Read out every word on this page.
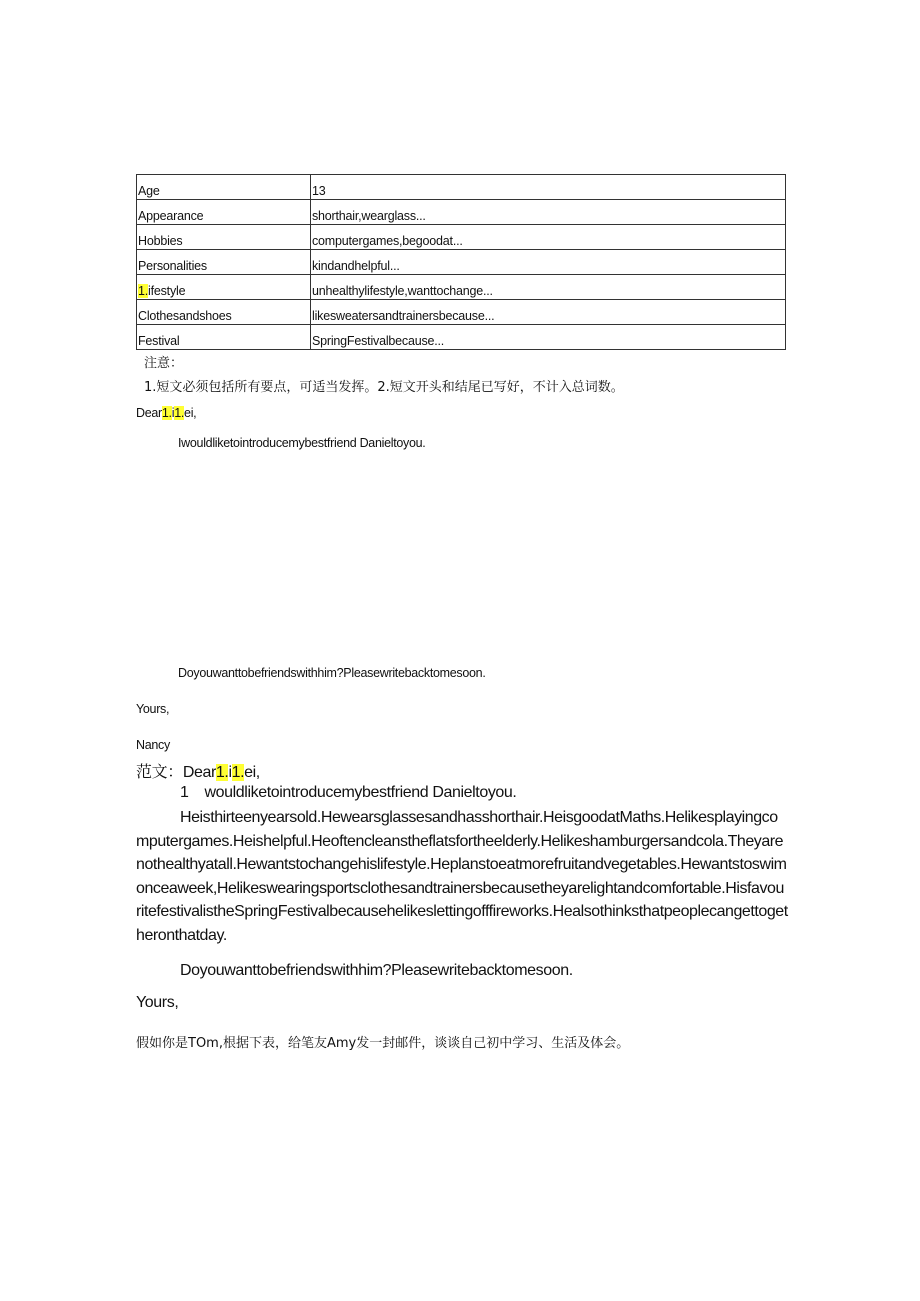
Age	13
Appearance	shorthair,wearglass...
Hobbies	computergames,begoodat...
Personalities	kindandhelpful...
1.ifestyle	unhealthylifestyle,wanttochange...
Clothesandshoes	likesweatersandtrainersbecause...
Festival	SpringFestivalbecause...
注意：
1.短文必须包括所有要点，可适当发挥。2.短文开头和结尾已写好，不计入总词数。
Dear1.i1.ei,
Iwouldliketointroducemybestfriend Danieltoyou.
Doyouwanttobefriendswithhim?Pleasewritebacktomesoon.
Yours,
Nancy
范文：Dear1.i1.ei,
1 wouldliketointroducemybestfriend Danieltoyou.
Heisthirteenyearsold.Hewearsglassesandhasshorthair.HeisgoodatMaths.Helikesplayingcomputergames.Heishelpful.Heoftencleanstheflatsfortheelderly.Helikeshamburgersandcola.Theyarenothealthyatall.Hewantstochangehislifestyle.Heplanstoeatmorefruitandvegetables.Hewantstoswimonceaweek,Helikeswearingsportsclothesandtrainersbecausetheyarelightandcomfortable.HisfavouritefestivalistheSpringFestivalbecausehelikeslettingofffireworks.Healsothinksthatpeoplecangettogetheronthatday.
Doyouwanttobefriendswithhim?Pleasewritebacktomesoon.
Yours,
假如你是TOm,根据下表，给笔友Amy发一封邮件，谈谈自己初中学习、生活及体会。
